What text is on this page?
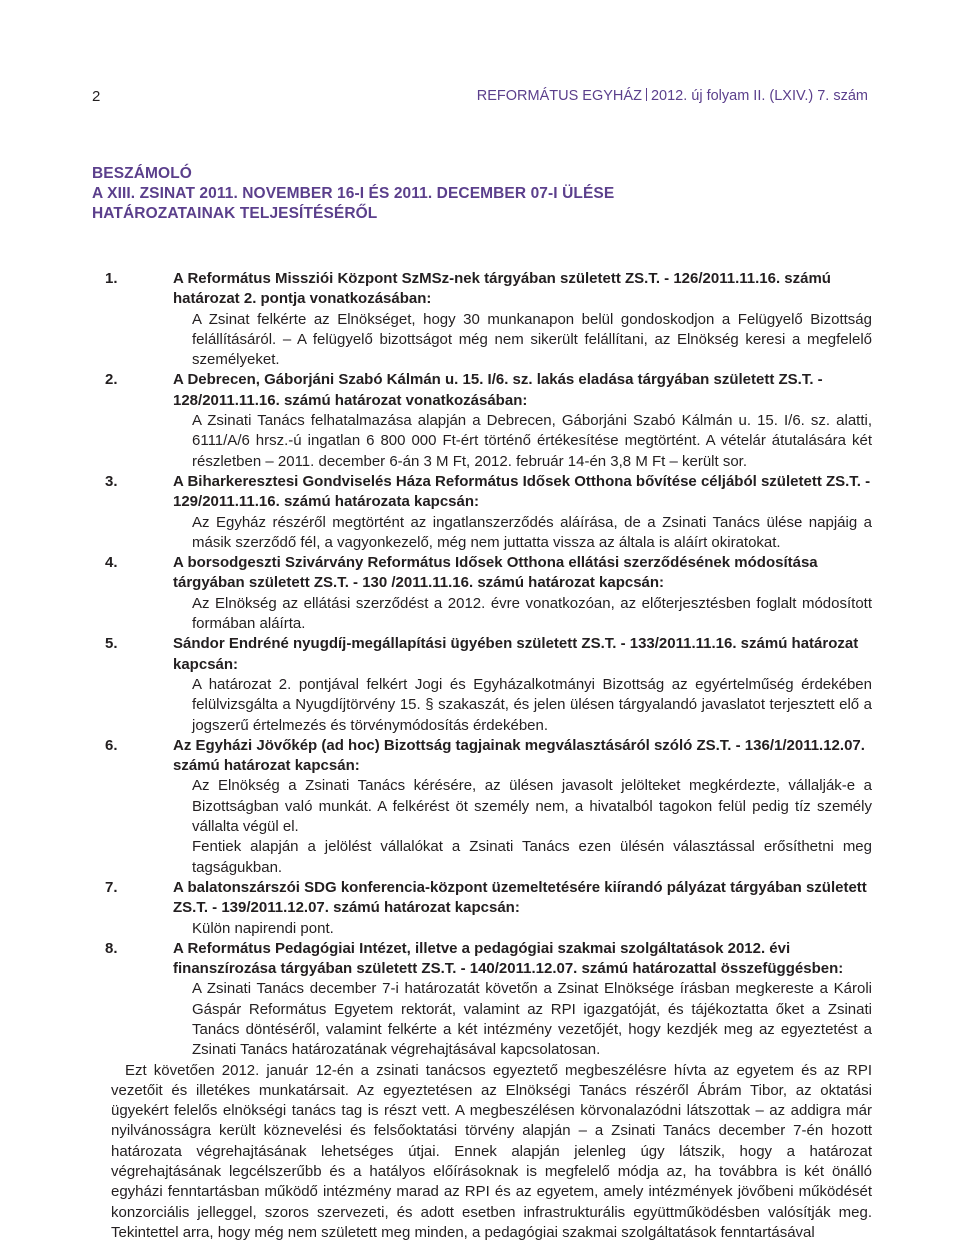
2	REFORMÁTUS EGYHÁZ 2012. új folyam II. (LXIV.) 7. szám
BESZÁMOLÓ
A XIII. ZSINAT 2011. NOVEMBER 16-I ÉS 2011. DECEMBER 07-I ÜLÉSE
HATÁROZATAINAK TELJESÍTÉSÉRŐL
1.	A Református Missziói Központ SzMSz-nek tárgyában született ZS.T. - 126/2011.11.16. számú határozat 2. pontja vonatkozásában:
A Zsinat felkérte az Elnökséget, hogy 30 munkanapon belül gondoskodjon a Felügyelő Bizottság felállításáról. – A felügyelő bizottságot még nem sikerült felállítani, az Elnökség keresi a megfelelő személyeket.
2.	A Debrecen, Gáborjáni Szabó Kálmán u. 15. I/6. sz. lakás eladása tárgyában született ZS.T. - 128/2011.11.16. számú határozat vonatkozásában:
A Zsinati Tanács felhatalmazása alapján a Debrecen, Gáborjáni Szabó Kálmán u. 15. I/6. sz. alatti, 6111/A/6 hrsz.-ú ingatlan 6 800 000 Ft-ért történő értékesítése megtörtént. A vételár átutalására két részletben – 2011. december 6-án 3 M Ft, 2012. február 14-én 3,8 M Ft – került sor.
3.	A Biharkeresztesi Gondviselés Háza Református Idősek Otthona bővítése céljából született ZS.T. - 129/2011.11.16. számú határozata kapcsán:
Az Egyház részéről megtörtént az ingatlanszerződés aláírása, de a Zsinati Tanács ülése napjáig a másik szerződő fél, a vagyonkezelő, még nem juttatta vissza az általa is aláírt okiratokat.
4.	A borsodgeszti Szivárvány Református Idősek Otthona ellátási szerződésének módosítása tárgyában született ZS.T. - 130 /2011.11.16. számú határozat kapcsán:
Az Elnökség az ellátási szerződést a 2012. évre vonatkozóan, az előterjesztésben foglalt módosított formában aláírta.
5.	Sándor Endréné nyugdíj-megállapítási ügyében született ZS.T. - 133/2011.11.16. számú határozat kapcsán:
A határozat 2. pontjával felkért Jogi és Egyházalkotmányi Bizottság az egyértelműség érdekében felülvizsgálta a Nyugdíjtörvény 15. § szakaszát, és jelen ülésen tárgyalandó javaslatot terjesztett elő a jogszerű értelmezés és törvénymódosítás érdekében.
6.	Az Egyházi Jövőkép (ad hoc) Bizottság tagjainak megválasztásáról szóló ZS.T. - 136/1/2011.12.07. számú határozat kapcsán:
Az Elnökség a Zsinati Tanács kérésére, az ülésen javasolt jelölteket megkérdezte, vállalják-e a Bizottságban való munkát. A felkérést öt személy nem, a hivatalból tagokon felül pedig tíz személy vállalta végül el.
Fentiek alapján a jelölést vállalókat a Zsinati Tanács ezen ülésén választással erősíthetni meg tagságukban.
7.	A balatonszárszói SDG konferencia-központ üzemeltetésére kiírandó pályázat tárgyában született ZS.T. - 139/2011.12.07. számú határozat kapcsán:
Külön napirendi pont.
8.	A Református Pedagógiai Intézet, illetve a pedagógiai szakmai szolgáltatások 2012. évi finanszírozása tárgyában született ZS.T. - 140/2011.12.07. számú határozattal összefüggésben:
A Zsinati Tanács december 7-i határozatát követőn a Zsinat Elnöksége írásban megkereste a Károli Gáspár Református Egyetem rektorát, valamint az RPI igazgatóját, és tájékoztatta őket a Zsinati Tanács döntéséről, valamint felkérte a két intézmény vezetőjét, hogy kezdjék meg az egyeztetést a Zsinati Tanács határozatának végrehajtásával kapcsolatosan.
Ezt követően 2012. január 12-én a zsinati tanácsos egyeztető megbeszélésre hívta az egyetem és az RPI vezetőit és illetékes munkatársait. Az egyeztetésen az Elnökségi Tanács részéről Ábrám Tibor, az oktatási ügyekért felelős elnökségi tanács tag is részt vett. A megbeszélésen körvonalazódni látszottak – az addigra már nyilvánosságra került köznevelési és felsőoktatási törvény alapján – a Zsinati Tanács december 7-én hozott határozata végrehajtásának lehetséges útjai. Ennek alapján jelenleg úgy látszik, hogy a határozat végrehajtásának legcélszerűbb és a hatályos előírásoknak is megfelelő módja az, ha továbbra is két önálló egyházi fenntartásban működő intézmény marad az RPI és az egyetem, amely intézmények jövőbeni működését konzorciális jelleggel, szoros szervezeti, és adott esetben infrastrukturális együttműködésben valósítják meg. Tekintettel arra, hogy még nem született meg minden, a pedagógiai szakmai szolgáltatások fenntartásával
